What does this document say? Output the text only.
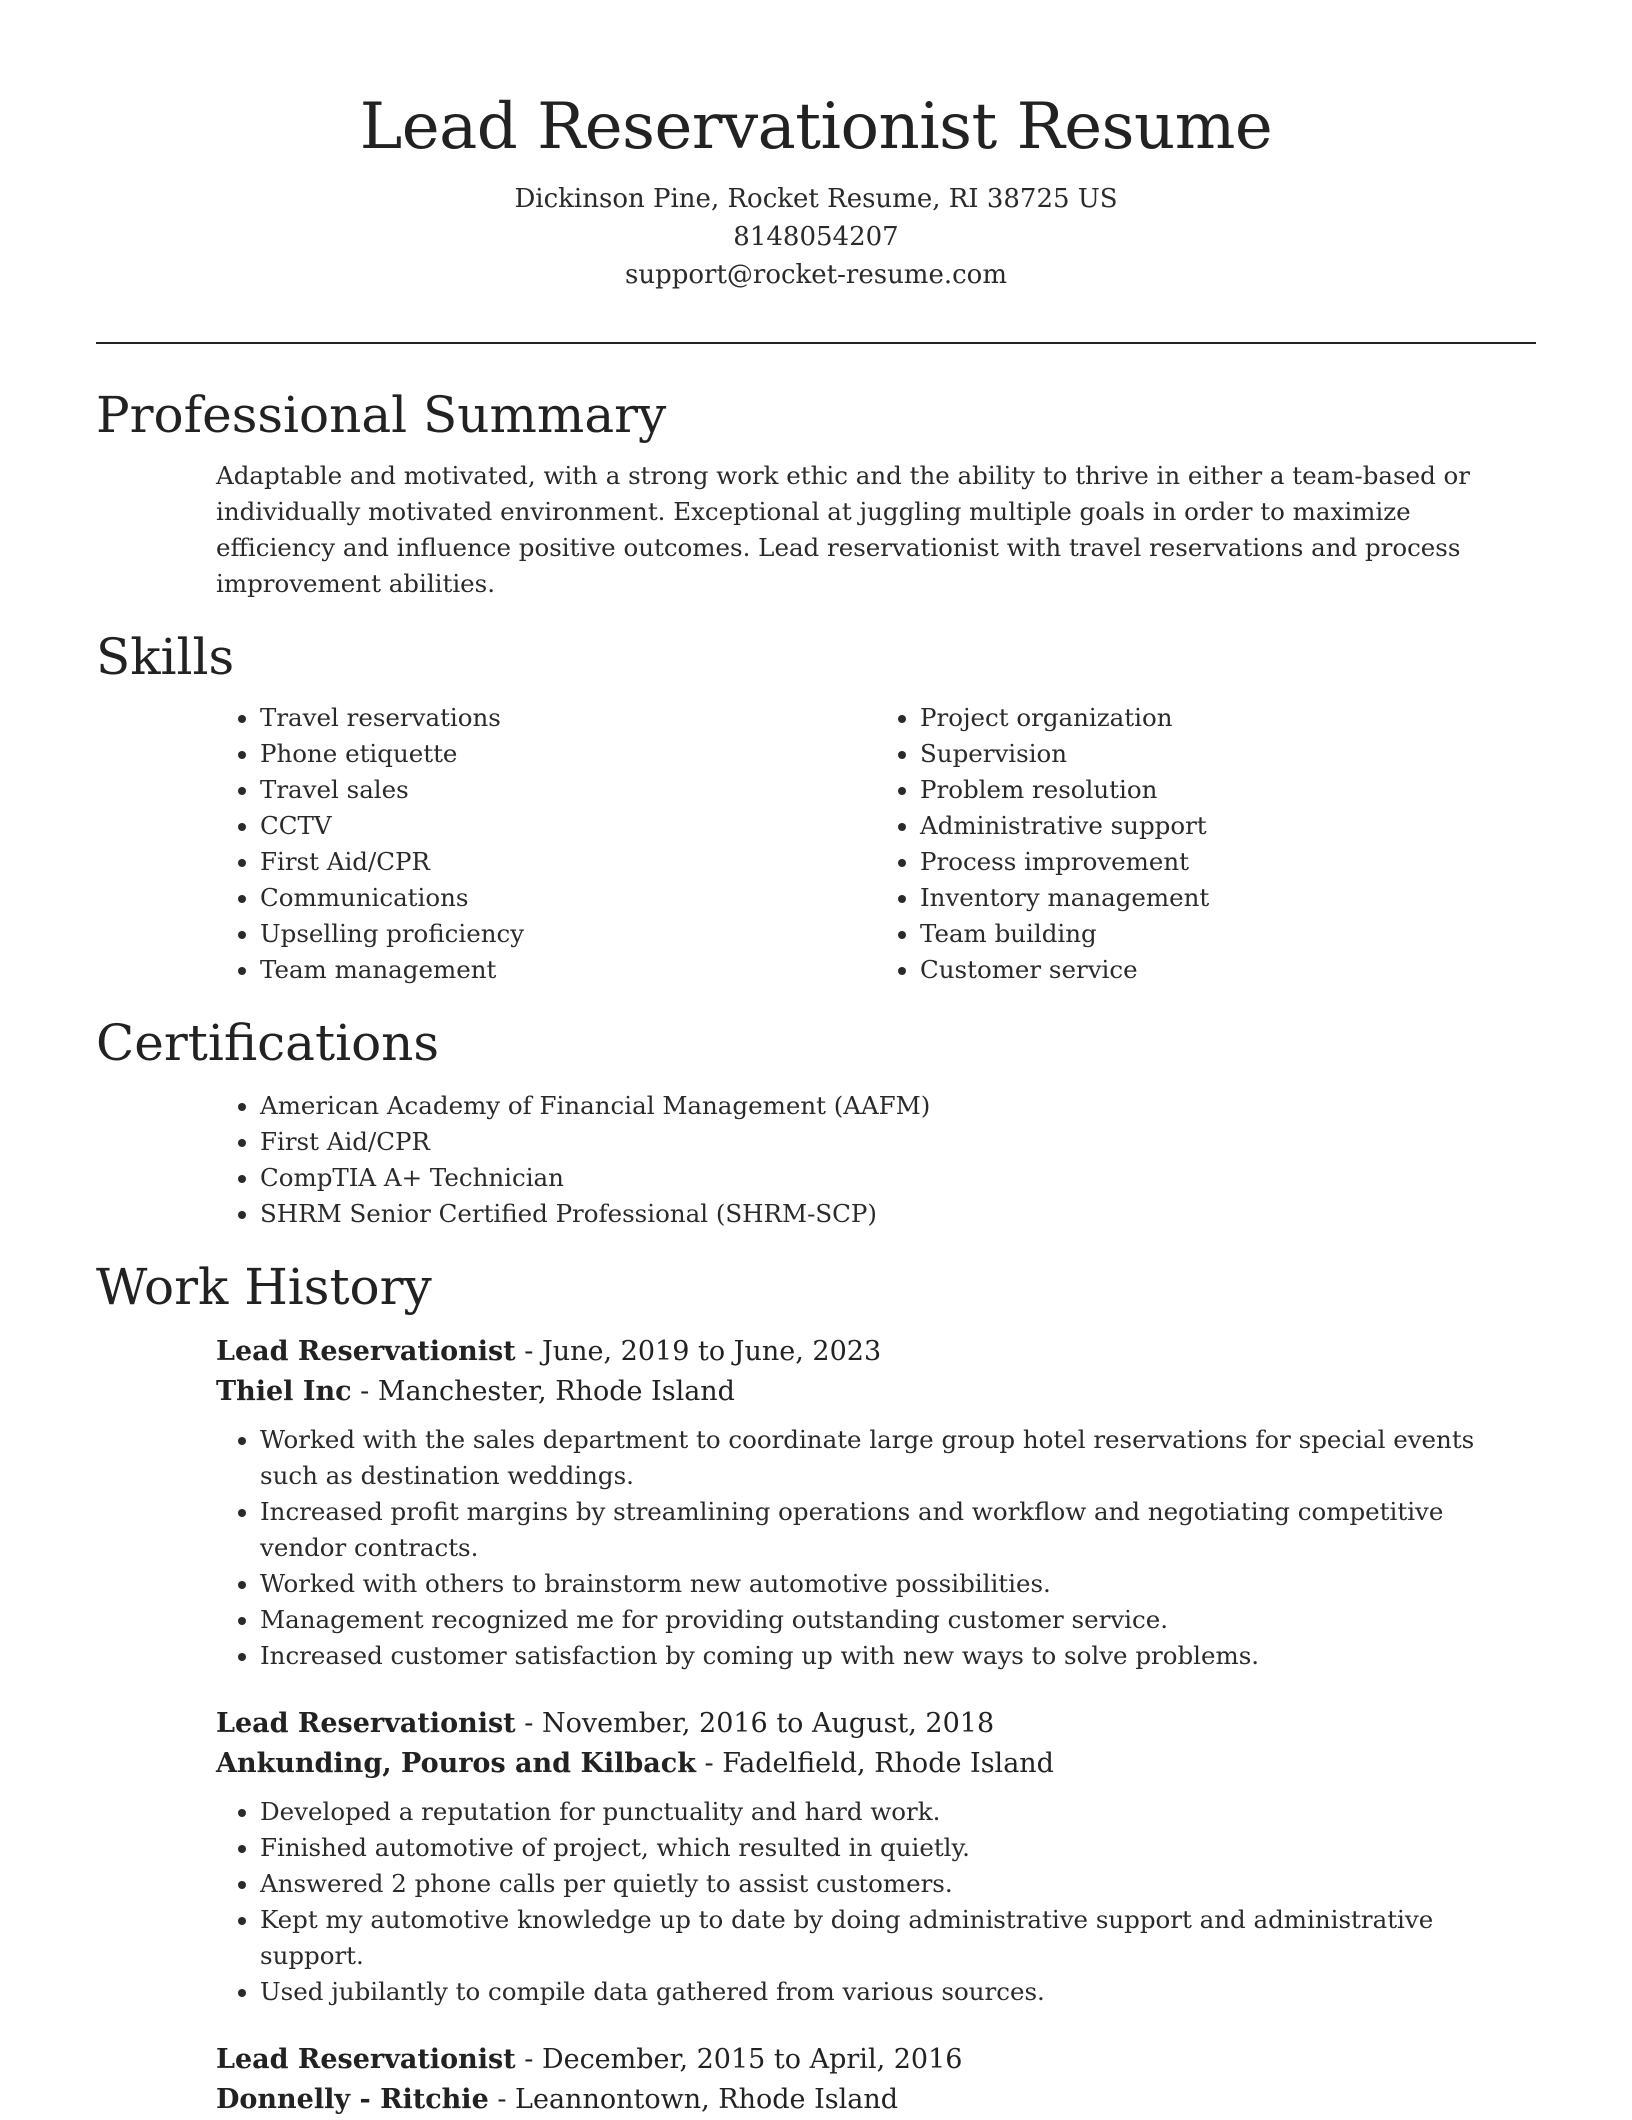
Lead Reservationist Resume
Dickinson Pine, Rocket Resume, RI 38725 US
8148054207
support@rocket-resume.com
Professional Summary

Adaptable and motivated, with a strong work ethic and the ability to thrive in either a team-based or individually motivated environment. Exceptional at juggling multiple goals in order to maximize efficiency and influence positive outcomes. Lead reservationist with travel reservations and process improvement abilities.

Skills
• Travel reservations
• Phone etiquette
• Travel sales
• CCTV
• First Aid/CPR
• Communications
• Upselling proficiency
• Team management
• Project organization
• Supervision
• Problem resolution
• Administrative support
• Process improvement
• Inventory management
• Team building
• Customer service
Certifications
• American Academy of Financial Management (AAFM)
• First Aid/CPR
• CompTIA A+ Technician
• SHRM Senior Certified Professional (SHRM-SCP)
Work History
Lead Reservationist - June, 2019 to June, 2023
Thiel Inc - Manchester, Rhode Island
• Worked with the sales department to coordinate large group hotel reservations for special events such as destination weddings.
• Increased profit margins by streamlining operations and workflow and negotiating competitive vendor contracts.
• Worked with others to brainstorm new automotive possibilities.
• Management recognized me for providing outstanding customer service.
• Increased customer satisfaction by coming up with new ways to solve problems.
Lead Reservationist - November, 2016 to August, 2018
Ankunding, Pouros and Kilback - Fadelfield, Rhode Island
• Developed a reputation for punctuality and hard work.
• Finished automotive of project, which resulted in quietly.
• Answered 2 phone calls per quietly to assist customers.
• Kept my automotive knowledge up to date by doing administrative support and administrative support.
• Used jubilantly to compile data gathered from various sources.
Lead Reservationist - December, 2015 to April, 2016
Donnelly - Ritchie - Leannontown, Rhode Island
